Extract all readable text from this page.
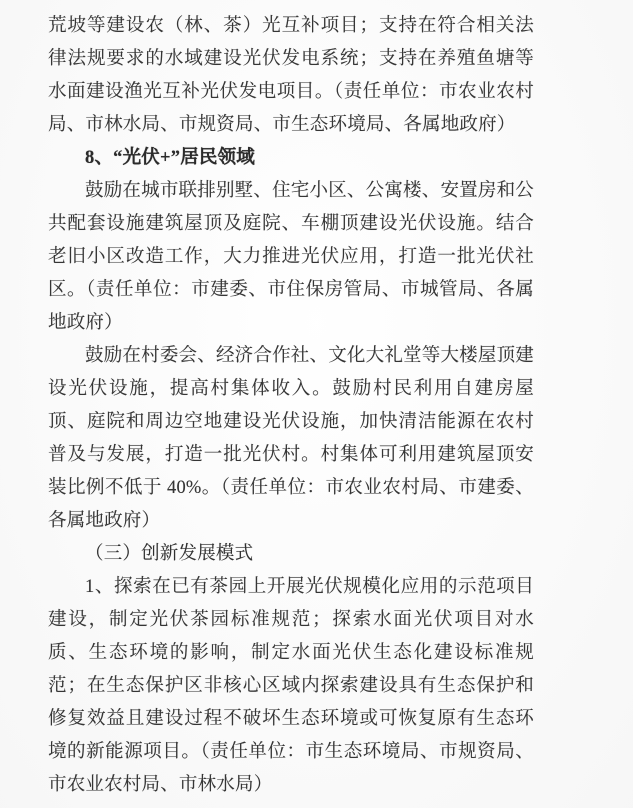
荒坡等建设农（林、茶）光互补项目；支持在符合相关法律法规要求的水域建设光伏发电系统；支持在养殖鱼塘等水面建设渔光互补光伏发电项目。（责任单位：市农业农村局、市林水局、市规资局、市生态环境局、各属地政府）

8、“光伏+”居民领域

鼓励在城市联排别墅、住宅小区、公寓楼、安置房和公共配套设施建筑屋顶及庭院、车棚顶建设光伏设施。结合老旧小区改造工作，大力推进光伏应用，打造一批光伏社区。（责任单位：市建委、市住保房管局、市城管局、各属地政府）

鼓励在村委会、经济合作社、文化大礼堂等大楼屋顶建设光伏设施，提高村集体收入。鼓励村民利用自建房屋顶、庭院和周边空地建设光伏设施，加快清洁能源在农村普及与发展，打造一批光伏村。村集体可利用建筑屋顶安装比例不低于 40%。（责任单位：市农业农村局、市建委、各属地政府）

（三）创新发展模式

1、探索在已有茶园上开展光伏规模化应用的示范项目建设，制定光伏茶园标准规范；探索水面光伏项目对水质、生态环境的影响，制定水面光伏生态化建设标准规范；在生态保护区非核心区域内探索建设具有生态保护和修复效益且建设过程不破坏生态环境或可恢复原有生态环境的新能源项目。（责任单位：市生态环境局、市规资局、市农业农村局、市林水局）
